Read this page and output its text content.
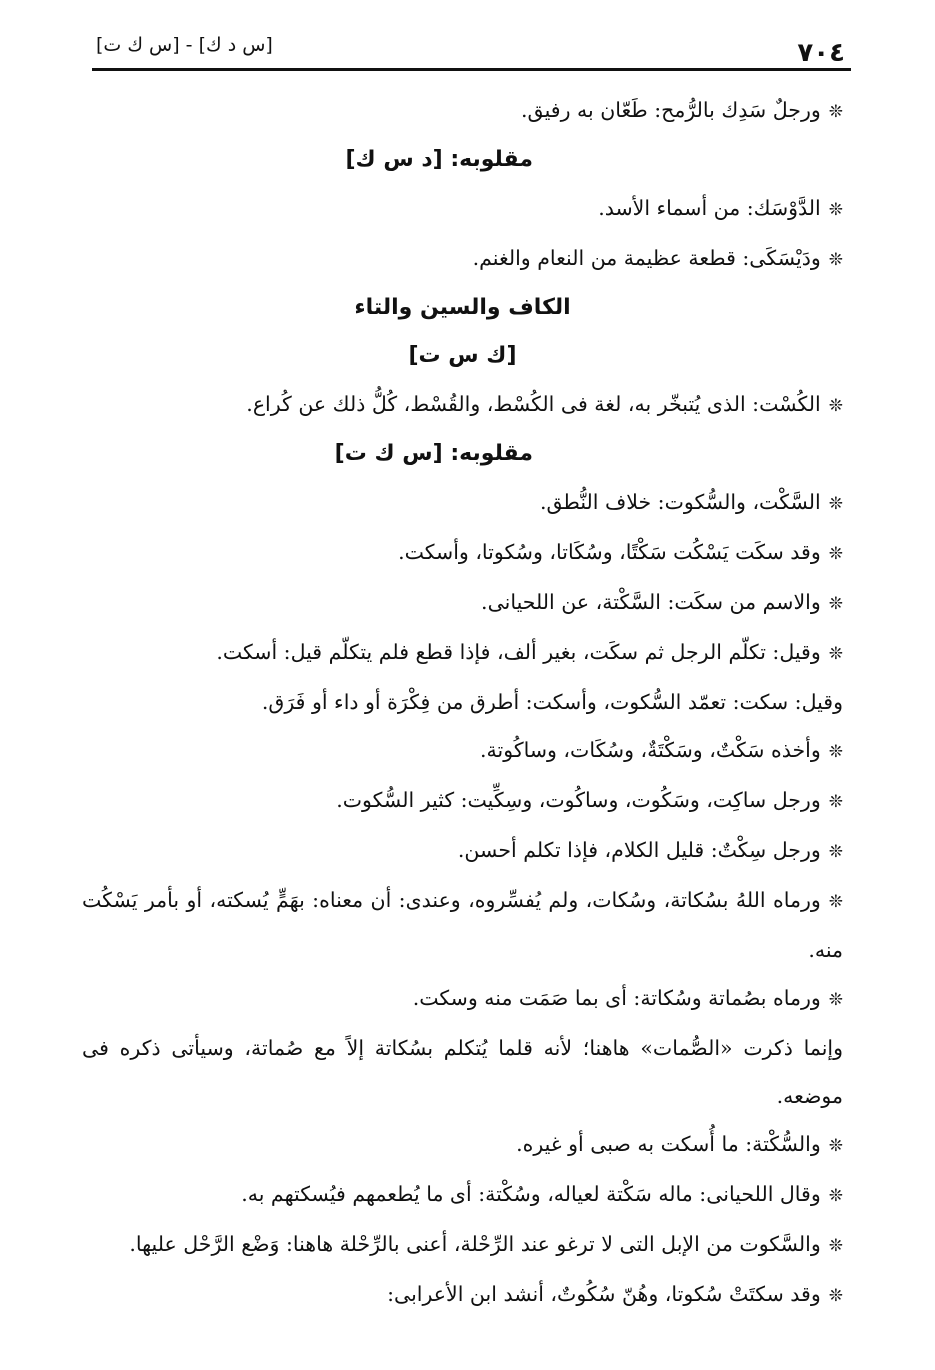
٧٠٤
[س د ك] - [س ك ت]
❊ورجلٌ سَدِك بالرُّمح: طَعّان به رفيق.
مقلوبه: [د س ك]
❊الدَّوْسَك: من أسماء الأسد.
❊ودَيْسَكَى: قطعة عظيمة من النعام والغنم.
الكاف والسين والتاء
[ك س ت]
❊الكُسْت: الذى يُتبخّر به، لغة فى الكُسْط، والقُسْط، كُلُّ ذلك عن كُراع.
مقلوبه: [س ك ت]
❊السَّكْت، والسُّكوت: خلاف النُّطق.
❊وقد سكَت يَسْكُت سَكْتًا، وسُكَاتا، وسُكوتا، وأسكت.
❊والاسم من سكَت: السَّكْتة، عن اللحيانى.
❊وقيل: تكلّم الرجل ثم سكَت، بغير ألف، فإذا قطع فلم يتكلّم قيل: أسكت.
وقيل: سكت: تعمّد السُّكوت، وأسكت: أطرق من فِكْرَة أو داء أو فَرَق.
❊وأخذه سَكْتٌ، وسَكْتَةٌ، وسُكَات، وساكُوتة.
❊ورجل ساكِت، وسَكُوت، وساكُوت، وسِكِّيت: كثير السُّكوت.
❊ورجل سِكْتٌ: قليل الكلام، فإذا تكلم أحسن.
❊ورماه اللهُ بسُكاتة، وسُكات، ولم يُفسِّروه، وعندى: أن معناه: بهَمٍّ يُسكته، أو بأمر يَسْكُت منه.
❊ورماه بصُماتة وسُكاتة: أى بما صَمَت منه وسكت.
وإنما ذكرت «الصُّمات» هاهنا؛ لأنه قلما يُتكلم بسُكاتة إلاً مع صُماتة، وسيأتى ذكره فى موضعه.
❊والسُّكْتة: ما أُسكت به صبى أو غيره.
❊وقال اللحيانى: ماله سَكْتة لعياله، وسُكْتة: أى ما يُطعمهم فيُسكتهم به.
❊والسَّكوت من الإبل التى لا ترغو عند الرِّحْلة، أعنى بالرِّحْلة هاهنا: وَضْع الرَّحْل عليها.
❊وقد سكتَتْ سُكوتا، وهُنّ سُكُوتٌ، أنشد ابن الأعرابى:
